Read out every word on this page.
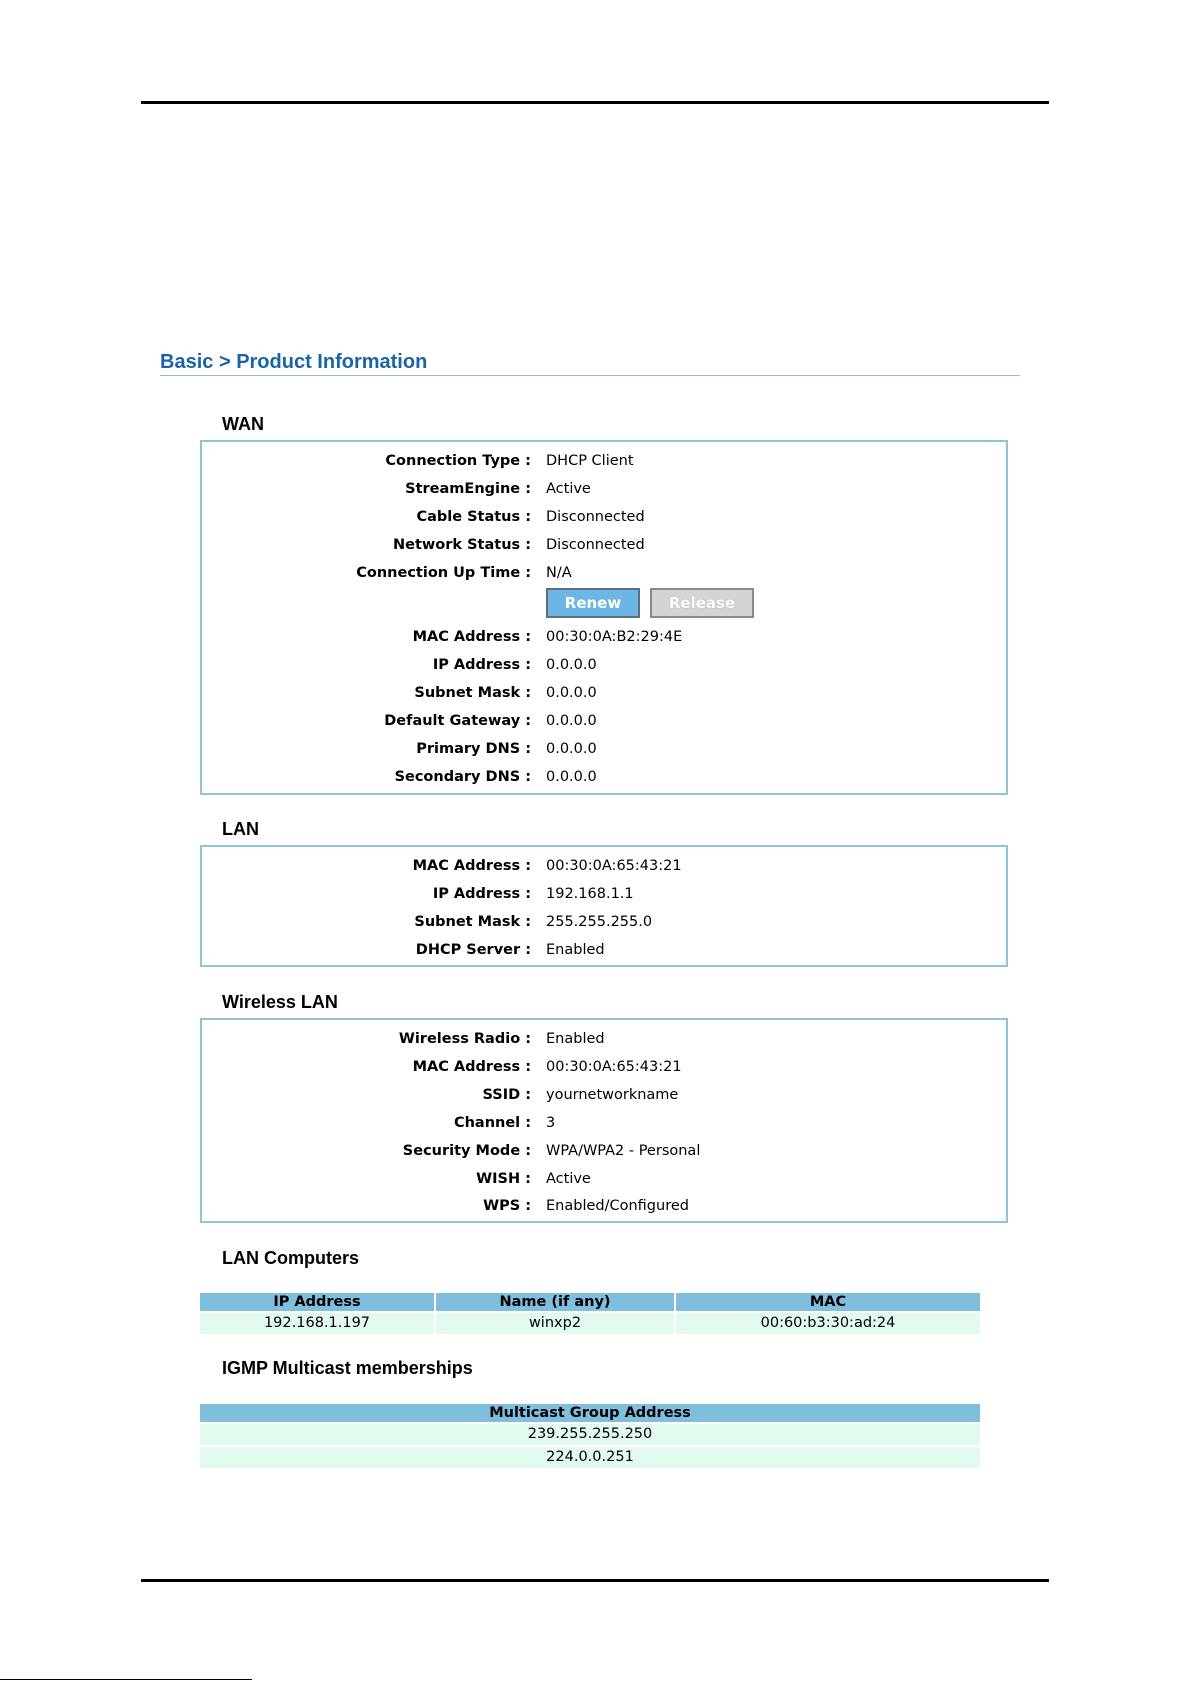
Basic > Product Information
WAN
Connection Type : DHCP Client
StreamEngine : Active
Cable Status : Disconnected
Network Status : Disconnected
Connection Up Time : N/A
Renew	Release
MAC Address : 00:30:0A:B2:29:4E
IP Address : 0.0.0.0
Subnet Mask : 0.0.0.0
Default Gateway : 0.0.0.0
Primary DNS : 0.0.0.0
Secondary DNS : 0.0.0.0
LAN
MAC Address : 00:30:0A:65:43:21
IP Address : 192.168.1.1
Subnet Mask : 255.255.255.0
DHCP Server : Enabled
Wireless LAN
Wireless Radio : Enabled
MAC Address : 00:30:0A:65:43:21
SSID : yournetworkname
Channel : 3
Security Mode : WPA/WPA2 - Personal
WISH : Active
WPS : Enabled/Configured
LAN Computers
IP Address	Name (if any)	MAC
192.168.1.197	winxp2	00:60:b3:30:ad:24
IGMP Multicast memberships
Multicast Group Address
239.255.255.250
224.0.0.251
